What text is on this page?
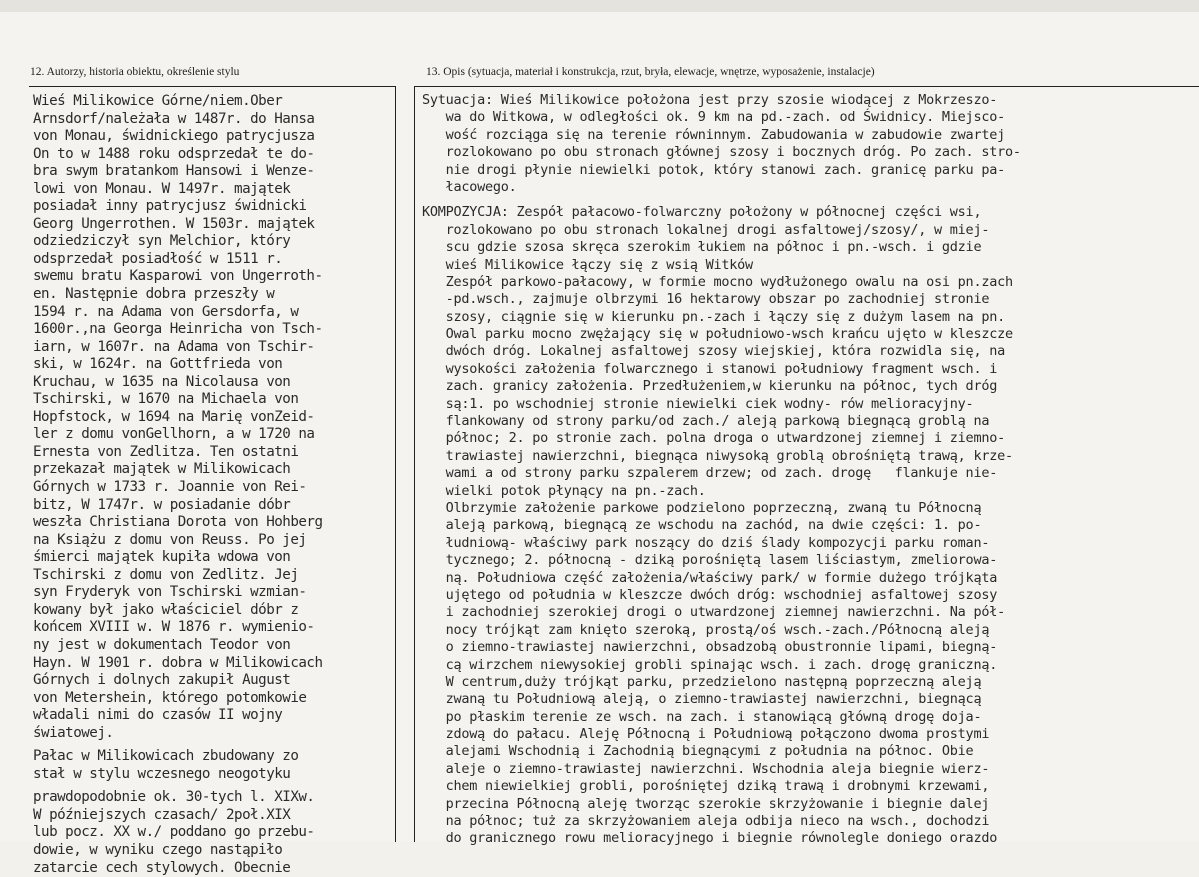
12. Autorzy, historia obiektu, określenie stylu	13. Opis (sytuacja, materiał i konstrukcja, rzut, bryła, elewacje, wnętrze, wyposażenie, instalacje)
Wieś Milikowice Górne/niem.Ober
Arnsdorf/należała w 1487r. do Hansa
von Monau, świdnickiego patrycjusza
On to w 1488 roku odsprzedał te do-
bra swym bratankom Hansowi i Wenze-
lowi von Monau. W 1497r. majątek
posiadał inny patrycjusz świdnicki
Georg Ungerrothen. W 1503r. majątek
odziedziczył syn Melchior, który
odsprzedał posiadłość w 1511 r.
swemu bratu Kasparowi von Ungerroth-
en. Następnie dobra przeszły w
1594 r. na Adama von Gersdorfa, w
1600r.,na Georga Heinricha von Tsch-
iarn, w 1607r. na Adama von Tschir-
ski, w 1624r. na Gottfrieda von
Kruchau, w 1635 na Nicolausa von
Tschirski, w 1670 na Michaela von
Hopfstock, w 1694 na Marię vonZeid-
ler z domu vonGellhorn, a w 1720 na
Ernesta von Zedlitza. Ten ostatni
przekazał majątek w Milikowicach
Górnych w 1733 r. Joannie von Rei-
bitz, W 1747r. w posiadanie dóbr
weszła Christiana Dorota von Hohberg
na Książu z domu von Reuss. Po jej
śmierci majątek kupiła wdowa von
Tschirski z domu von Zedlitz. Jej
syn Fryderyk von Tschirski wzmian-
kowany był jako właściciel dóbr z
końcem XVIII w. W 1876 r. wymienio-
ny jest w dokumentach Teodor von
Hayn. W 1901 r. dobra w Milikowicach
Górnych i dolnych zakupił August
von Metershein, którego potomkowie
władali nimi do czasów II wojny
światowej.
Pałac w Milikowicach zbudowany zo
stał w stylu wczesnego neogotyku
prawdopodobnie ok. 30-tych l. XIXw.
W późniejszych czasach/ 2poł.XIX
lub pocz. XX w./ poddano go przebu-
dowie, w wyniku czego nastąpiło
zatarcie cech stylowych. Obecnie
Sytuacja: Wieś Milikowice położona jest przy szosie wiodącej z Mokrzeszo-
wa do Witkowa, w odległości ok. 9 km na pd.-zach. od Świdnicy. Miejsco-
wość rozciąga się na terenie równinnym. Zabudowania w zabudowie zwartej
rozlokowano po obu stronach głównej szosy i bocznych dróg. Po zach. stro-
nie drogi płynie niewielki potok, który stanowi zach. granicę parku pa-
łacowego.
KOMPOZYCJA: Zespół pałacowo-folwarczny położony w północnej części wsi,
rozlokowano po obu stronach lokalnej drogi asfaltowej/szosy/, w miej-
scu gdzie szosa skręca szerokim łukiem na północ i pn.-wsch. i gdzie
wieś Milikowice łączy się z wsią Witków
Zespół parkowo-pałacowy, w formie mocno wydłużonego owalu na osi pn.zach
-pd.wsch., zajmuje olbrzymi 16 hektarowy obszar po zachodniej stronie
szosy, ciągnie się w kierunku pn.-zach i łączy się z dużym lasem na pn.
Owal parku mocno zwężający się w południowo-wsch krańcu ujęto w kleszcze
dwóch dróg. Lokalnej asfaltowej szosy wiejskiej, która rozwidla się, na
wysokości założenia folwarcznego i stanowi południowy fragment wsch. i
zach. granicy założenia. Przedłużeniem,w kierunku na północ, tych dróg
są:1. po wschodniej stronie niewielki ciek wodny- rów melioracyjny-
flankowany od strony parku/od zach./ aleją parkową biegnącą groblą na
północ; 2. po stronie zach. polna droga o utwardzonej ziemnej i ziemno-
trawiastej nawierzchni, biegnąca niwysoką groblą obrośniętą trawą, krze-
wami a od strony parku szpalerem drzew; od zach. drogę   flankuje nie-
wielki potok płynący na pn.-zach.
Olbrzymie założenie parkowe podzielono poprzeczną, zwaną tu Północną
aleją parkową, biegnącą ze wschodu na zachód, na dwie części: 1. po-
łudniową- właściwy park noszący do dziś ślady kompozycji parku roman-
tycznego; 2. północną - dziką porośniętą lasem liściastym, zmeliorowa-
ną. Południowa część założenia/właściwy park/ w formie dużego trójkąta
ujętego od południa w kleszcze dwóch dróg: wschodniej asfaltowej szosy
i zachodniej szerokiej drogi o utwardzonej ziemnej nawierzchni. Na pół-
nocy trójkąt zam knięto szeroką, prostą/oś wsch.-zach./Północną aleją
o ziemno-trawiastej nawierzchni, obsadzobą obustronnie lipami, biegną-
cą wirzchem niewysokiej grobli spinając wsch. i zach. drogę graniczną.
W centrum,duży trójkąt parku, przedzielono następną poprzeczną aleją
zwaną tu Południową aleją, o ziemno-trawiastej nawierzchni, biegnącą
po płaskim terenie ze wsch. na zach. i stanowiącą główną drogę doja-
zdową do pałacu. Aleję Północną i Południową połączono dwoma prostymi
alejami Wschodnią i Zachodnią biegnącymi z południa na północ. Obie
aleje o ziemno-trawiastej nawierzchni. Wschodnia aleja biegnie wierz-
chem niewielkiej grobli, porośniętej dziką trawą i drobnymi krzewami,
przecina Północną aleję tworząc szerokie skrzyżowanie i biegnie dalej
na północ; tuż za skrzyżowaniem aleja odbija nieco na wsch., dochodzi
do granicznego rowu melioracyjnego i biegnie równolegle doniego orazdo
